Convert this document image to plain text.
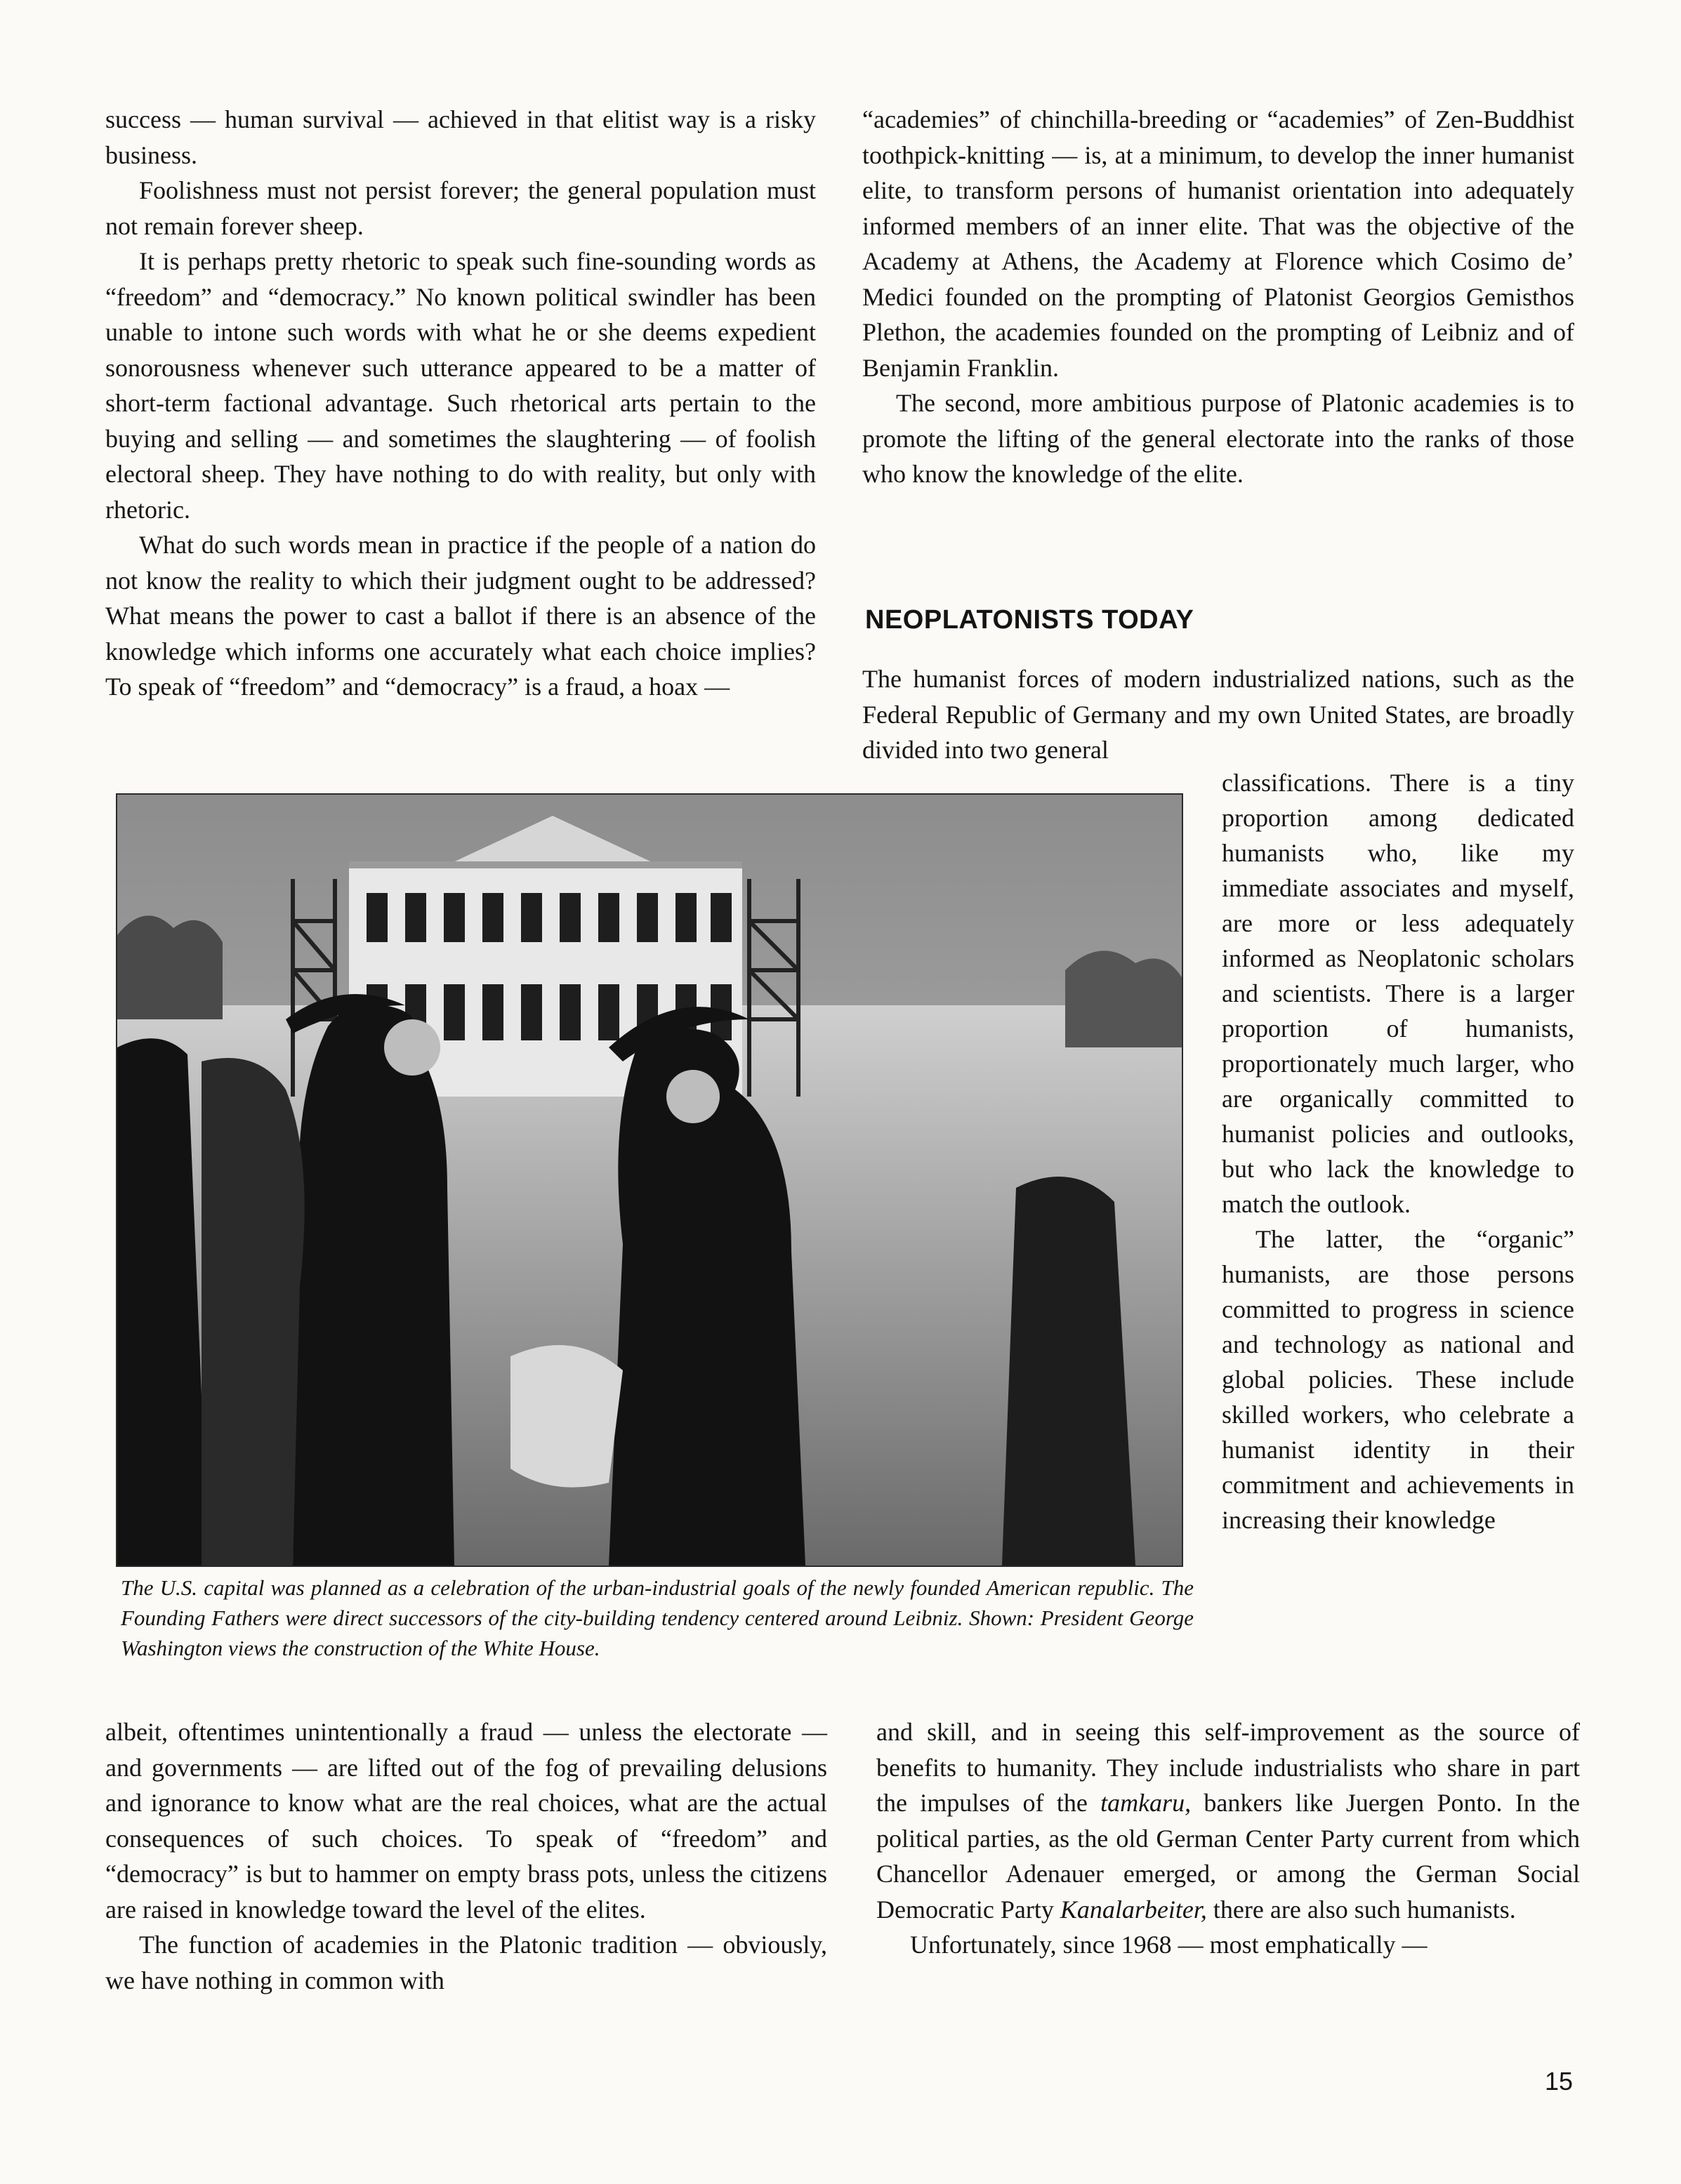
success — human survival — achieved in that elitist way is a risky business.

Foolishness must not persist forever; the general population must not remain forever sheep.

It is perhaps pretty rhetoric to speak such fine-sounding words as “freedom” and “democracy.” No known political swindler has been unable to intone such words with what he or she deems expedient sonorousness whenever such utterance appeared to be a matter of short-term factional advantage. Such rhetorical arts pertain to the buying and selling — and sometimes the slaughtering — of foolish electoral sheep. They have nothing to do with reality, but only with rhetoric.

What do such words mean in practice if the people of a nation do not know the reality to which their judgment ought to be addressed? What means the power to cast a ballot if there is an absence of the knowledge which informs one accurately what each choice implies? To speak of “freedom” and “democracy” is a fraud, a hoax —

“academies” of chinchilla-breeding or “academies” of Zen-Buddhist toothpick-knitting — is, at a minimum, to develop the inner humanist elite, to transform persons of humanist orientation into adequately informed members of an inner elite. That was the objective of the Academy at Athens, the Academy at Florence which Cosimo de’ Medici founded on the prompting of Platonist Georgios Gemisthos Plethon, the academies founded on the prompting of Leibniz and of Benjamin Franklin.

The second, more ambitious purpose of Platonic academies is to promote the lifting of the general electorate into the ranks of those who know the knowledge of the elite.

NEOPLATONISTS TODAY

The humanist forces of modern industrialized nations, such as the Federal Republic of Germany and my own United States, are broadly divided into two general

classifications. There is a tiny proportion among dedicated humanists who, like my immediate associates and myself, are more or less adequately informed as Neoplatonic scholars and scientists. There is a larger proportion of humanists, proportionately much larger, who are organically committed to humanist policies and outlooks, but who lack the knowledge to match the outlook.

The latter, the “organic” humanists, are those persons committed to progress in science and technology as national and global policies. These include skilled workers, who celebrate a humanist identity in their commitment and achievements in increasing their knowledge

The U.S. capital was planned as a celebration of the urban-industrial goals of the newly founded American republic. The Founding Fathers were direct successors of the city-building tendency centered around Leibniz. Shown: President George Washington views the construction of the White House.

albeit, oftentimes unintentionally a fraud — unless the electorate — and governments — are lifted out of the fog of prevailing delusions and ignorance to know what are the real choices, what are the actual consequences of such choices. To speak of “freedom” and “democracy” is but to hammer on empty brass pots, unless the citizens are raised in knowledge toward the level of the elites.

The function of academies in the Platonic tradition — obviously, we have nothing in common with

and skill, and in seeing this self-improvement as the source of benefits to humanity. They include industrialists who share in part the impulses of the tamkaru, bankers like Juergen Ponto. In the political parties, as the old German Center Party current from which Chancellor Adenauer emerged, or among the German Social Democratic Party Kanalarbeiter, there are also such humanists.

Unfortunately, since 1968 — most emphatically —

15
